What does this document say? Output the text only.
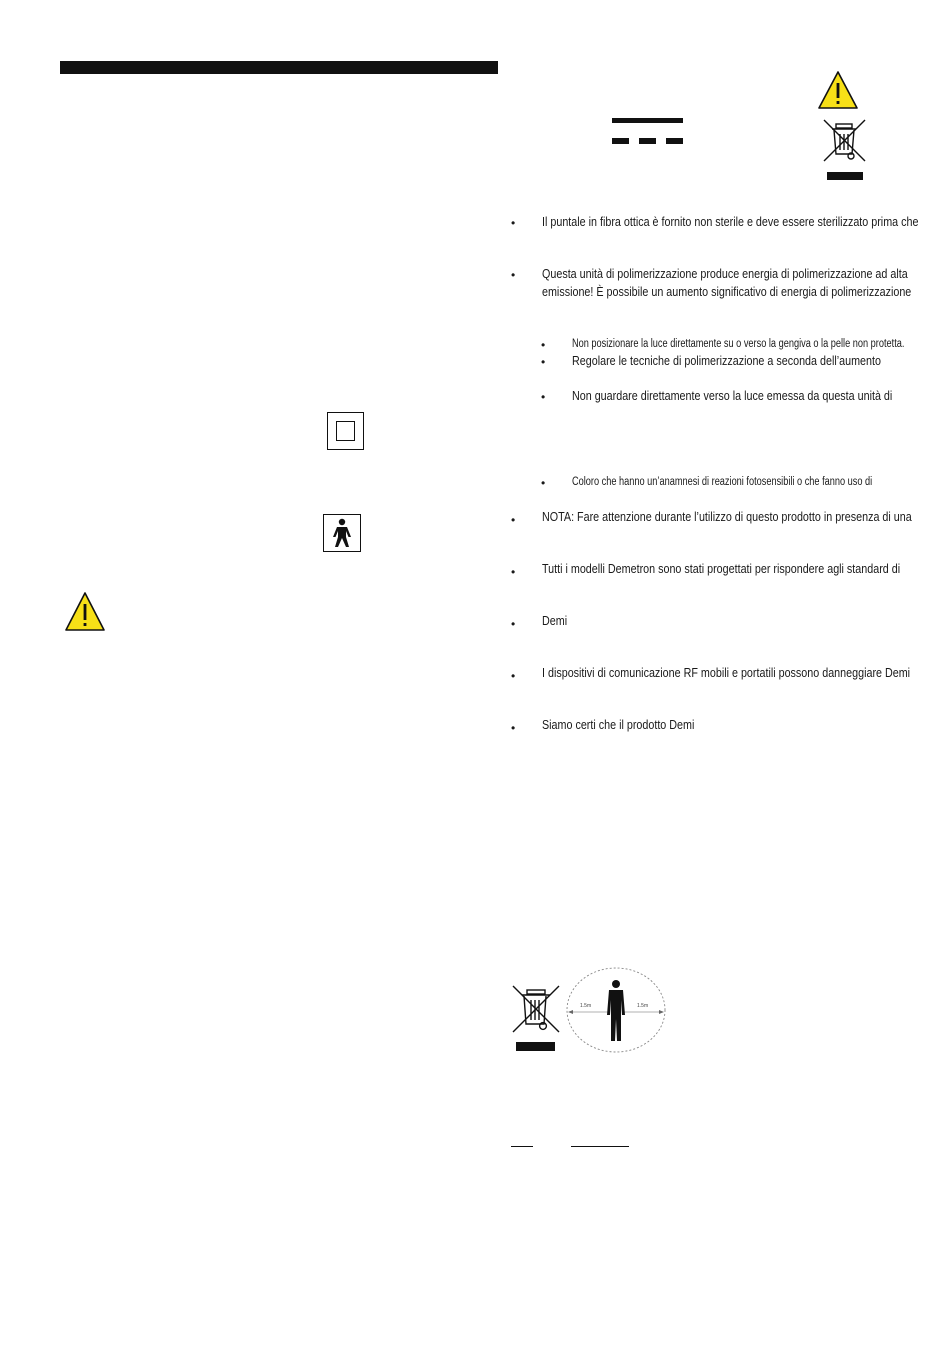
• Il puntale in fibra ottica è fornito non sterile e deve essere sterilizzato prima che
• Questa unità di polimerizzazione produce energia di polimerizzazione ad alta
emissione! È possibile un aumento significativo di energia di polimerizzazione
• Non posizionare la luce direttamente su o verso la gengiva o la pelle non protetta.
• Regolare le tecniche di polimerizzazione a seconda dell’aumento
• Non guardare direttamente verso la luce emessa da questa unità di
• Coloro che hanno un’anamnesi di reazioni fotosensibili o che fanno uso di
• NOTA: Fare attenzione durante l’utilizzo di questo prodotto in presenza di una
• Tutti i modelli Demetron sono stati progettati per rispondere agli standard di
• Demi
• I dispositivi di comunicazione RF mobili e portatili possono danneggiare Demi
• Siamo certi che il prodotto Demi
1.5m	1.5m
